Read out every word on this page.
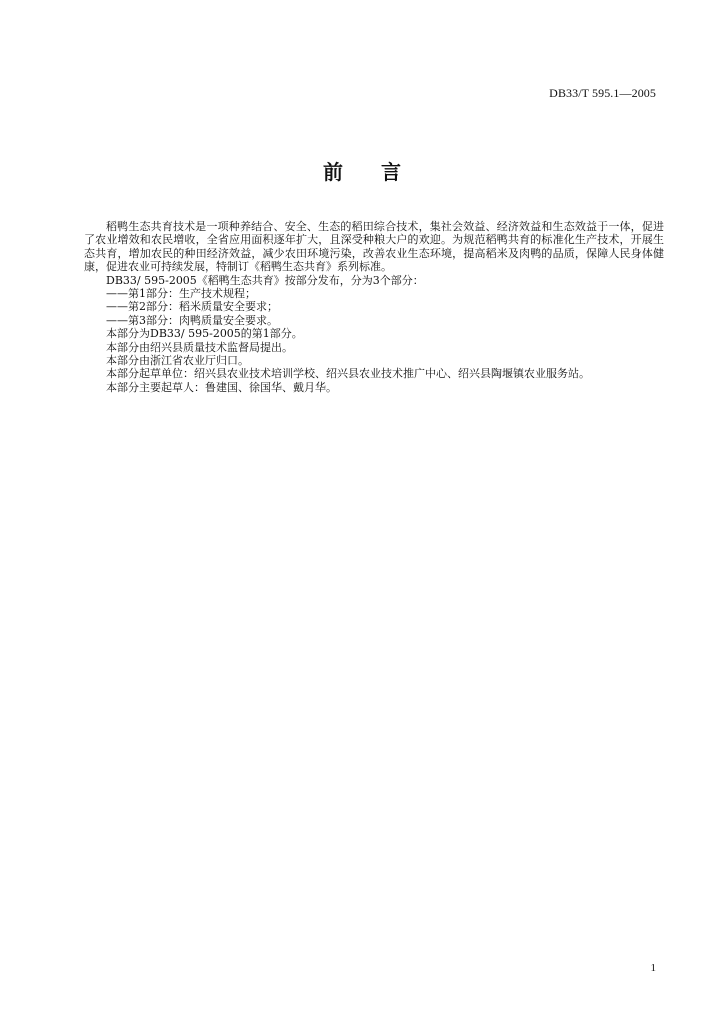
DB33/T 595.1—2005
前 言

稻鸭生态共育技术是一项种养结合、安全、生态的稻田综合技术，集社会效益、经济效益和生态效益于一体，促进了农业增效和农民增收，全省应用面积逐年扩大，且深受种粮大户的欢迎。为规范稻鸭共育的标准化生产技术，开展生态共育，增加农民的种田经济效益，减少农田环境污染，改善农业生态环境，提高稻米及肉鸭的品质，保障人民身体健康，促进农业可持续发展，特制订《稻鸭生态共育》系列标准。

DB33/ 595-2005《稻鸭生态共育》按部分发布，分为3个部分：

——第1部分：生产技术规程；

——第2部分：稻米质量安全要求；

——第3部分：肉鸭质量安全要求。

本部分为DB33/ 595-2005的第1部分。

本部分由绍兴县质量技术监督局提出。

本部分由浙江省农业厅归口。

本部分起草单位：绍兴县农业技术培训学校、绍兴县农业技术推广中心、绍兴县陶堰镇农业服务站。

本部分主要起草人：鲁建国、徐国华、戴月华。

1
